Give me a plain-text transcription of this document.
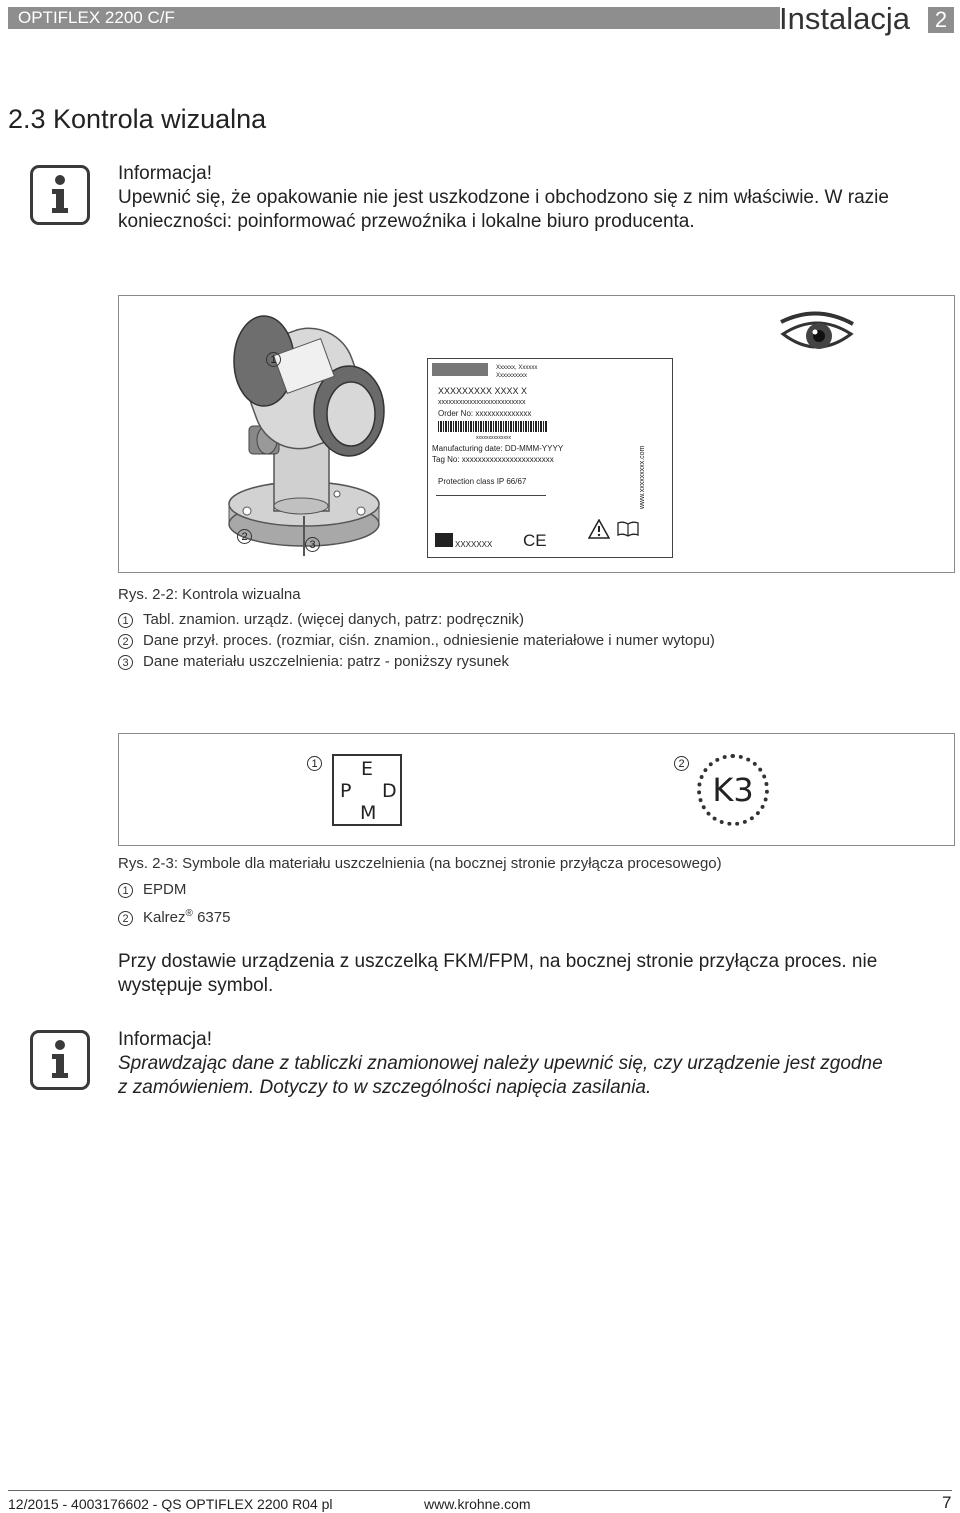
OPTIFLEX 2200 C/F	Instalacja	2
2.3 Kontrola wizualna
Informacja!
Upewnić się, że opakowanie nie jest uszkodzone i obchodzono się z nim właściwie. W razie
konieczności: poinformować przewoźnika i lokalne biuro producenta.
1
2
3
Xxxxxx, Xxxxxx
Xxxxxxxxxx
XXXXXXXXX XXXX X
xxxxxxxxxxxxxxxxxxxxxxxxx
Order No: xxxxxxxxxxxxxx
xxxxxxxxxxxxxx
Manufacturing date: DD-MMM-YYYY
Tag No: xxxxxxxxxxxxxxxxxxxxxxx
Protection class IP 66/67
XXXXXXX CE
www.xxxxxxxxx.com
Rys. 2-2: Kontrola wizualna
1 Tabl. znamion. urządz. (więcej danych, patrz: podręcznik)
2 Dane przył. proces. (rozmiar, ciśn. znamion., odniesienie materiałowe i numer wytopu)
3 Dane materiału uszczelnienia: patrz - poniższy rysunek
1 E
P D
M
2
K3
Rys. 2-3: Symbole dla materiału uszczelnienia (na bocznej stronie przyłącza procesowego)
1 EPDM
2 Kalrez® 6375
Przy dostawie urządzenia z uszczelką FKM/FPM, na bocznej stronie przyłącza proces. nie występuje symbol.
Informacja!
Sprawdzając dane z tabliczki znamionowej należy upewnić się, czy urządzenie jest zgodne
z zamówieniem. Dotyczy to w szczególności napięcia zasilania.
12/2015 - 4003176602 - QS OPTIFLEX 2200 R04 pl	www.krohne.com	7
